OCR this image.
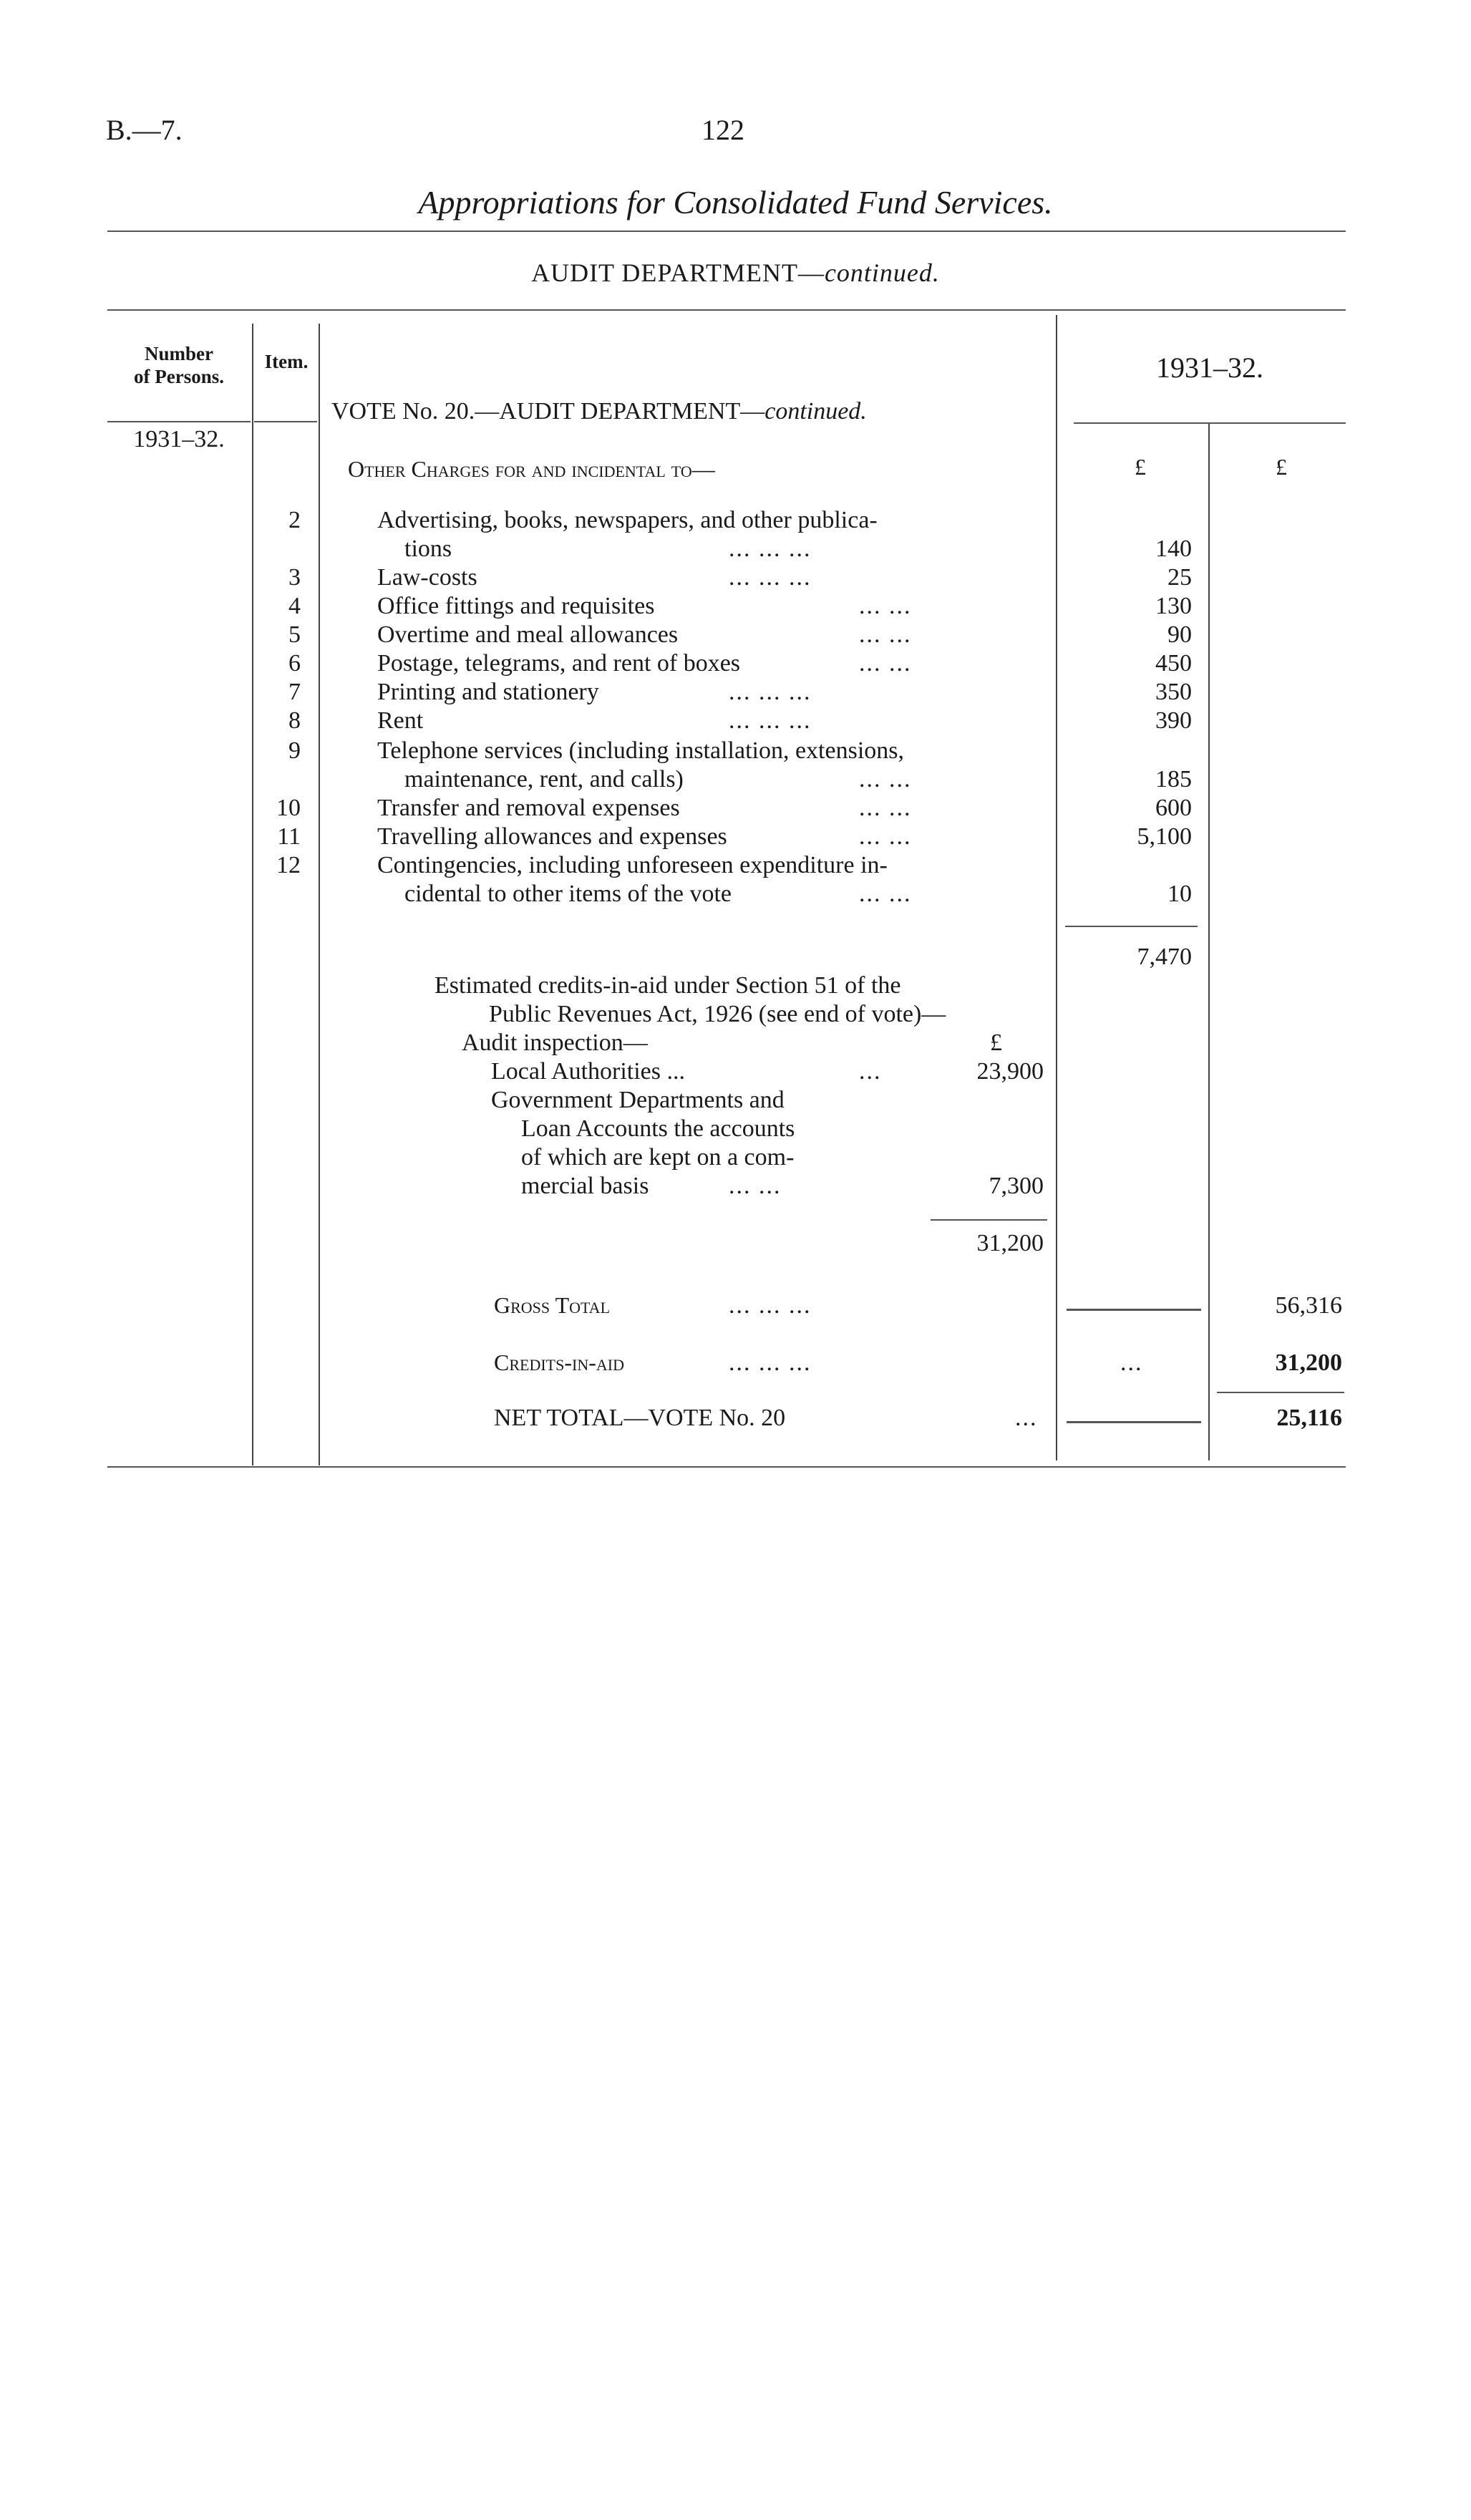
B.—7.	122
Appropriations for Consolidated Fund Services.
AUDIT DEPARTMENT—continued.
Number
of Persons.
Item.	1931–32.
VOTE No. 20.—AUDIT DEPARTMENT—continued.
1931–32.
£	£
Other Charges for and incidental to—
2	Advertising, books, newspapers, and other publica-
tions	... ... ...	140
3	Law-costs	... ... ...	25
4	Office fittings and requisites	... ...	130
5	Overtime and meal allowances	... ...	90
6	Postage, telegrams, and rent of boxes	... ...	450
7	Printing and stationery	... ... ...	350
8	Rent	... ... ...	390
9	Telephone services (including installation, extensions,
maintenance, rent, and calls)	... ...	185
10	Transfer and removal expenses	... ...	600
11	Travelling allowances and expenses	... ...	5,100
12	Contingencies, including unforeseen expenditure in-
cidental to other items of the vote	... ...	10
7,470
Estimated credits-in-aid under Section 51 of the
Public Revenues Act, 1926 (see end of vote)—
Audit inspection—	£
Local Authorities ...	...	23,900
Government Departments and
Loan Accounts the accounts
of which are kept on a com-
mercial basis	... ...	7,300
31,200
Gross Total	... ... ...	56,316
Credits-in-aid	... ... ...	...	31,200
NET TOTAL—VOTE No. 20	...	25,116
